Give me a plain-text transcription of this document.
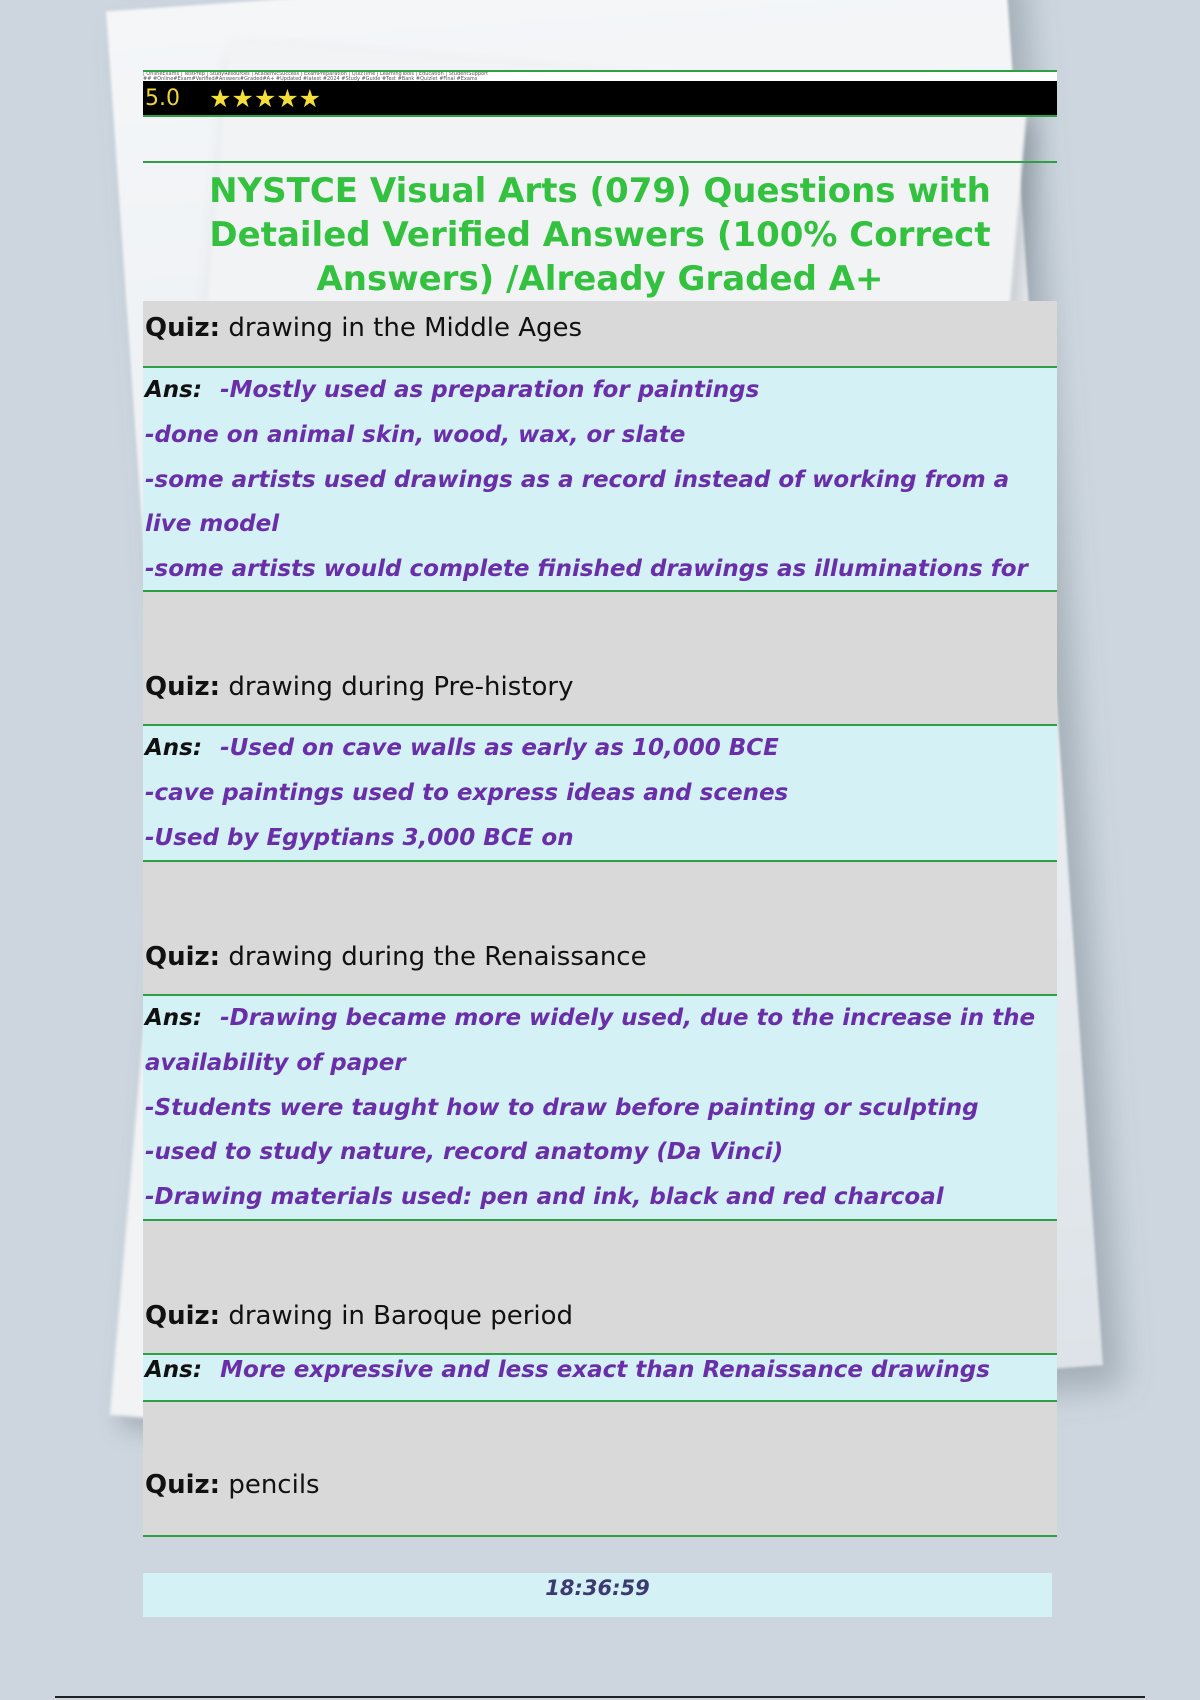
| OnlineExams | TestPrep | StudyResources | AcademicSuccess | ExamPreparation | QuizTime | LearningTools | Education | StudentSupport
## #Online#Exam#Verified#Answers#Graded#A+ #Updated #latest #2024 #Study #Guide #Test #Bank #Quizlet #Final #Exams
5.0	★★★★★
NYSTCE Visual Arts (079) Questions with Detailed Verified Answers (100% Correct Answers) /Already Graded A+
Quiz: drawing in the Middle Ages
Ans: -Mostly used as preparation for paintings
-done on animal skin, wood, wax, or slate
-some artists used drawings as a record instead of working from a live model
-some artists would complete finished drawings as illuminations for
Quiz: drawing during Pre-history
Ans: -Used on cave walls as early as 10,000 BCE
-cave paintings used to express ideas and scenes
-Used by Egyptians 3,000 BCE on
Quiz: drawing during the Renaissance
Ans: -Drawing became more widely used, due to the increase in the
availability of paper
-Students were taught how to draw before painting or sculpting
-used to study nature, record anatomy (Da Vinci)
-Drawing materials used: pen and ink, black and red charcoal
Quiz: drawing in Baroque period
Ans: More expressive and less exact than Renaissance drawings
Quiz: pencils
18:36:59
